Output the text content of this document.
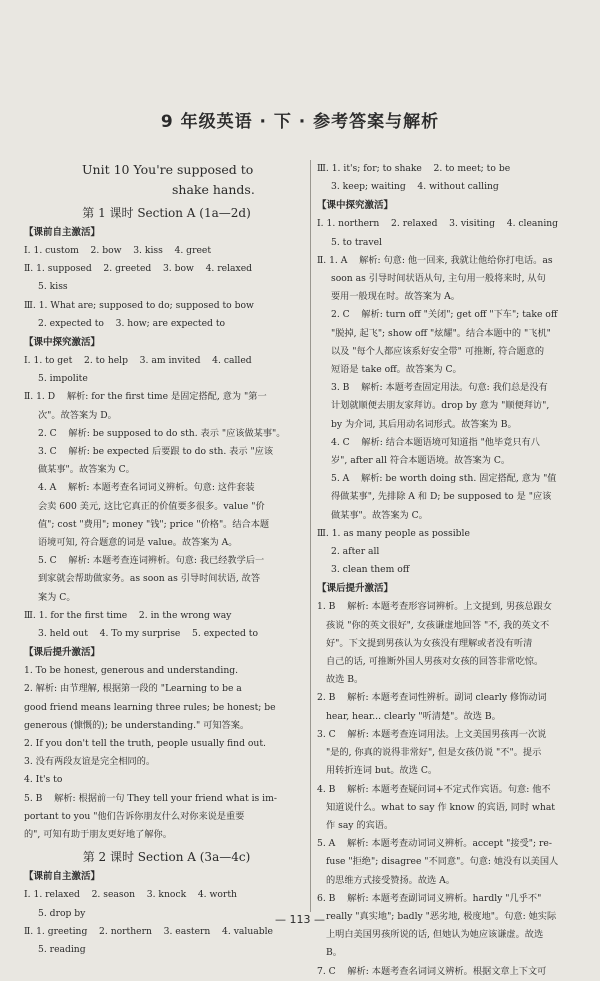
9 年级英语 · 下 · 参考答案与解析
Unit 10 You're supposed to
shake hands.
第 1 课时 Section A (1a—2d)
【课前自主激活】
Ⅰ. 1. custom    2. bow    3. kiss    4. greet
Ⅱ. 1. supposed    2. greeted    3. bow    4. relaxed
5. kiss
Ⅲ. 1. What are; supposed to do; supposed to bow
2. expected to    3. how; are expected to
【课中探究激活】
Ⅰ. 1. to get    2. to help    3. am invited    4. called
5. impolite
Ⅱ. 1. D    解析: for the first time 是固定搭配, 意为 "第一
次"。故答案为 D。
2. C    解析: be supposed to do sth. 表示 "应该做某事"。
3. C    解析: be expected 后要跟 to do sth. 表示 "应该
做某事"。故答案为 C。
4. A    解析: 本题考查名词词义辨析。句意: 这件套装
会卖 600 美元, 这比它真正的价值要多很多。value "价
值"; cost "费用"; money "钱"; price "价格"。结合本题
语境可知, 符合题意的词是 value。故答案为 A。
5. C    解析: 本题考查连词辨析。句意: 我已经教学后一
到家就会帮助做家务。as soon as 引导时间状语, 故答
案为 C。
Ⅲ. 1. for the first time    2. in the wrong way
3. held out    4. To my surprise    5. expected to
【课后提升激活】
1. To be honest, generous and understanding.
2. 解析: 由节理解, 根据第一段的 "Learning to be a
good friend means learning three rules; be honest; be
generous (慷慨的); be understanding." 可知答案。
2. If you don't tell the truth, people usually find out.
3. 没有两段友谊是完全相同的。
4. It's to
5. B    解析: 根据前一句 They tell your friend what is im-
portant to you "他们告诉你朋友什么对你来说是重要
的", 可知有助于朋友更好地了解你。
第 2 课时 Section A (3a—4c)
【课前自主激活】
Ⅰ. 1. relaxed    2. season    3. knock    4. worth
5. drop by
Ⅱ. 1. greeting    2. northern    3. eastern    4. valuable
5. reading
Ⅲ. 1. it's; for; to shake    2. to meet; to be
3. keep; waiting    4. without calling
【课中探究激活】
Ⅰ. 1. northern    2. relaxed    3. visiting    4. cleaning
5. to travel
Ⅱ. 1. A    解析: 句意: 他一回来, 我就让他给你打电话。as
soon as 引导时间状语从句, 主句用一般将来时, 从句
要用一般现在时。故答案为 A。
2. C    解析: turn off "关闭"; get off "下车"; take off
"脱掉, 起飞"; show off "炫耀"。结合本题中的 "飞机"
以及 "每个人都应该系好安全带" 可推断, 符合题意的
短语是 take off。故答案为 C。
3. B    解析: 本题考查固定用法。句意: 我们总是没有
计划就顺便去朋友家拜访。drop by 意为 "顺便拜访",
by 为介词, 其后用动名词形式。故答案为 B。
4. C    解析: 结合本题语境可知道指 "他毕竟只有八
岁", after all 符合本题语境。故答案为 C。
5. A    解析: be worth doing sth. 固定搭配, 意为 "值
得做某事", 先排除 A 和 D; be supposed to 是 "应该
做某事"。故答案为 C。
Ⅲ. 1. as many people as possible
2. after all
3. clean them off
【课后提升激活】
1. B    解析: 本题考查形容词辨析。上文提到, 男孩总跟女
孩说 "你的英文很好", 女孩谦虚地回答 "不, 我的英文不
好"。下文提到男孩认为女孩没有理解或者没有听清
自己的话, 可推断外国人男孩对女孩的回答非常吃惊。
故选 B。
2. B    解析: 本题考查词性辨析。副词 clearly 修饰动词
hear, hear... clearly "听清楚"。故选 B。
3. C    解析: 本题考查连词用法。上文美国男孩再一次说
"是的, 你真的说得非常好", 但是女孩仍说 "不"。提示
用转折连词 but。故选 C。
4. B    解析: 本题考查疑问词+不定式作宾语。句意: 他不
知道说什么。what to say 作 know 的宾语, 同时 what
作 say 的宾语。
5. A    解析: 本题考查动词词义辨析。accept "接受"; re-
fuse "拒绝"; disagree "不同意"。句意: 她没有以美国人
的思维方式接受赞扬。故选 A。
6. B    解析: 本题考查副词词义辨析。hardly "几乎不"
really "真实地"; badly "恶劣地, 极度地"。句意: 她实际
上明白美国男孩所说的话, 但她认为她应该谦虚。故选
B。
7. C    解析: 本题考查名词词义辨析。根据文章上下文可
— 113 —
